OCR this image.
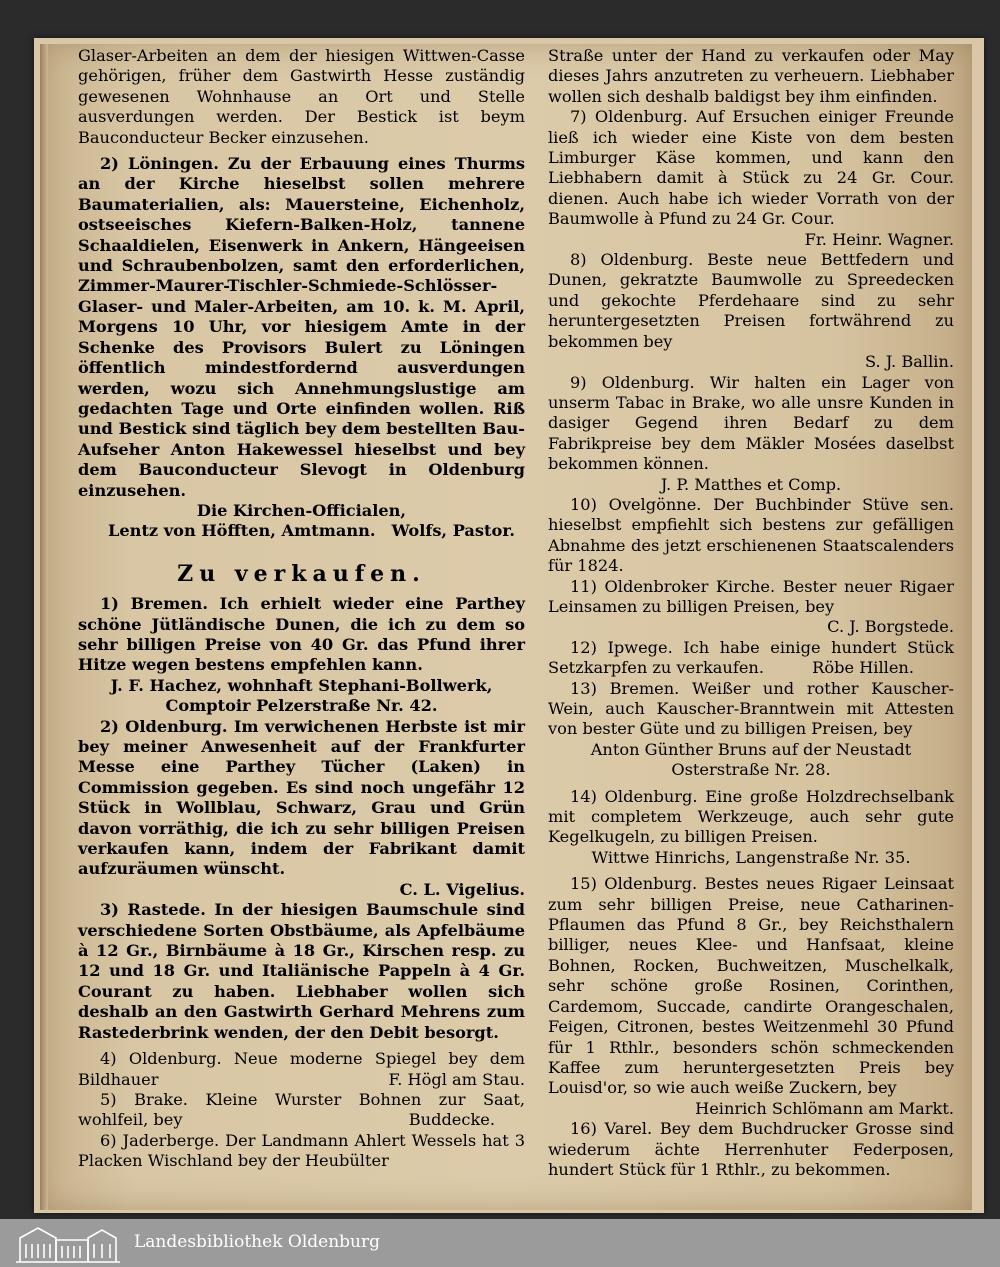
Glaser-Arbeiten an dem der hiesigen Wittwen-Casse gehörigen, früher dem Gastwirth Hesse zuständig gewesenen Wohnhause an Ort und Stelle ausverdungen werden. Der Bestick ist beym Bauconducteur Becker einzusehen.

2) Löningen. Zu der Erbauung eines Thurms an der Kirche hieselbst sollen mehrere Baumaterialien, als: Mauersteine, Eichenholz, ostseeisches Kiefern-Balken-Holz, tannene Schaaldielen, Eisenwerk in Ankern, Hängeeisen und Schraubenbolzen, samt den erforderlichen, Zimmer-Maurer-Tischler-Schmiede-Schlösser-Glaser- und Maler-Arbeiten, am 10. k. M. April, Morgens 10 Uhr, vor hiesigem Amte in der Schenke des Provisors Bulert zu Löningen öffentlich mindestfordernd ausverdungen werden, wozu sich Annehmungslustige am gedachten Tage und Orte einfinden wollen. Riß und Bestick sind täglich bey dem bestellten Bau-Aufseher Anton Hakewessel hieselbst und bey dem Bauconducteur Slevogt in Oldenburg einzusehen.

Die Kirchen-Officialen,

Lentz von Höfften, Amtmann. Wolfs, Pastor.

Zu verkaufen.

1) Bremen. Ich erhielt wieder eine Parthey schöne Jütländische Dunen, die ich zu dem so sehr billigen Preise von 40 Gr. das Pfund ihrer Hitze wegen bestens empfehlen kann.

J. F. Hachez, wohnhaft Stephani-Bollwerk, Comptoir Pelzerstraße Nr. 42.

2) Oldenburg. Im verwichenen Herbste ist mir bey meiner Anwesenheit auf der Frankfurter Messe eine Parthey Tücher (Laken) in Commission gegeben. Es sind noch ungefähr 12 Stück in Wollblau, Schwarz, Grau und Grün davon vorräthig, die ich zu sehr billigen Preisen verkaufen kann, indem der Fabrikant damit aufzuräumen wünscht.

C. L. Vigelius.

3) Rastede. In der hiesigen Baumschule sind verschiedene Sorten Obstbäume, als Apfelbäume à 12 Gr., Birnbäume à 18 Gr., Kirschen resp. zu 12 und 18 Gr. und Italiänische Pappeln à 4 Gr. Courant zu haben. Liebhaber wollen sich deshalb an den Gastwirth Gerhard Mehrens zum Rastederbrink wenden, der den Debit besorgt.

4) Oldenburg. Neue moderne Spiegel bey dem Bildhauer	F. Högl am Stau.

5) Brake. Kleine Wurster Bohnen zur Saat, wohlfeil, bey	Buddecke.

6) Jaderberge. Der Landmann Ahlert Wessels hat 3 Placken Wischland bey der Heubülter

Straße unter der Hand zu verkaufen oder May dieses Jahrs anzutreten zu verheuern. Liebhaber wollen sich deshalb baldigst bey ihm einfinden.

7) Oldenburg. Auf Ersuchen einiger Freunde ließ ich wieder eine Kiste von dem besten Limburger Käse kommen, und kann den Liebhabern damit à Stück zu 24 Gr. Cour. dienen. Auch habe ich wieder Vorrath von der Baumwolle à Pfund zu 24 Gr. Cour.

Fr. Heinr. Wagner.

8) Oldenburg. Beste neue Bettfedern und Dunen, gekratzte Baumwolle zu Spreedecken und gekochte Pferdehaare sind zu sehr heruntergesetzten Preisen fortwährend zu bekommen bey

S. J. Ballin.

9) Oldenburg. Wir halten ein Lager von unserm Tabac in Brake, wo alle unsre Kunden in dasiger Gegend ihren Bedarf zu dem Fabrikpreise bey dem Mäkler Mosées daselbst bekommen können.

J. P. Matthes et Comp.

10) Ovelgönne. Der Buchbinder Stüve sen. hieselbst empfiehlt sich bestens zur gefälligen Abnahme des jetzt erschienenen Staatscalenders für 1824.

11) Oldenbroker Kirche. Bester neuer Rigaer Leinsamen zu billigen Preisen, bey

C. J. Borgstede.

12) Ipwege. Ich habe einige hundert Stück Setzkarpfen zu verkaufen.	Röbe Hillen.

13) Bremen. Weißer und rother Kauscher-Wein, auch Kauscher-Branntwein mit Attesten von bester Güte und zu billigen Preisen, bey

Anton Günther Bruns auf der Neustadt Osterstraße Nr. 28.

14) Oldenburg. Eine große Holzdrechselbank mit completem Werkzeuge, auch sehr gute Kegelkugeln, zu billigen Preisen.

Wittwe Hinrichs, Langenstraße Nr. 35.

15) Oldenburg. Bestes neues Rigaer Leinsaat zum sehr billigen Preise, neue Catharinen-Pflaumen das Pfund 8 Gr., bey Reichsthalern billiger, neues Klee- und Hanfsaat, kleine Bohnen, Rocken, Buchweitzen, Muschelkalk, sehr schöne große Rosinen, Corinthen, Cardemom, Succade, candirte Orangeschalen, Feigen, Citronen, bestes Weitzenmehl 30 Pfund für 1 Rthlr., besonders schön schmeckenden Kaffee zum heruntergesetzten Preis bey Louisd'or, so wie auch weiße Zuckern, bey

Heinrich Schlömann am Markt.

16) Varel. Bey dem Buchdrucker Grosse sind wiederum ächte Herrenhuter Federposen, hundert Stück für 1 Rthlr., zu bekommen.

Landesbibliothek Oldenburg
